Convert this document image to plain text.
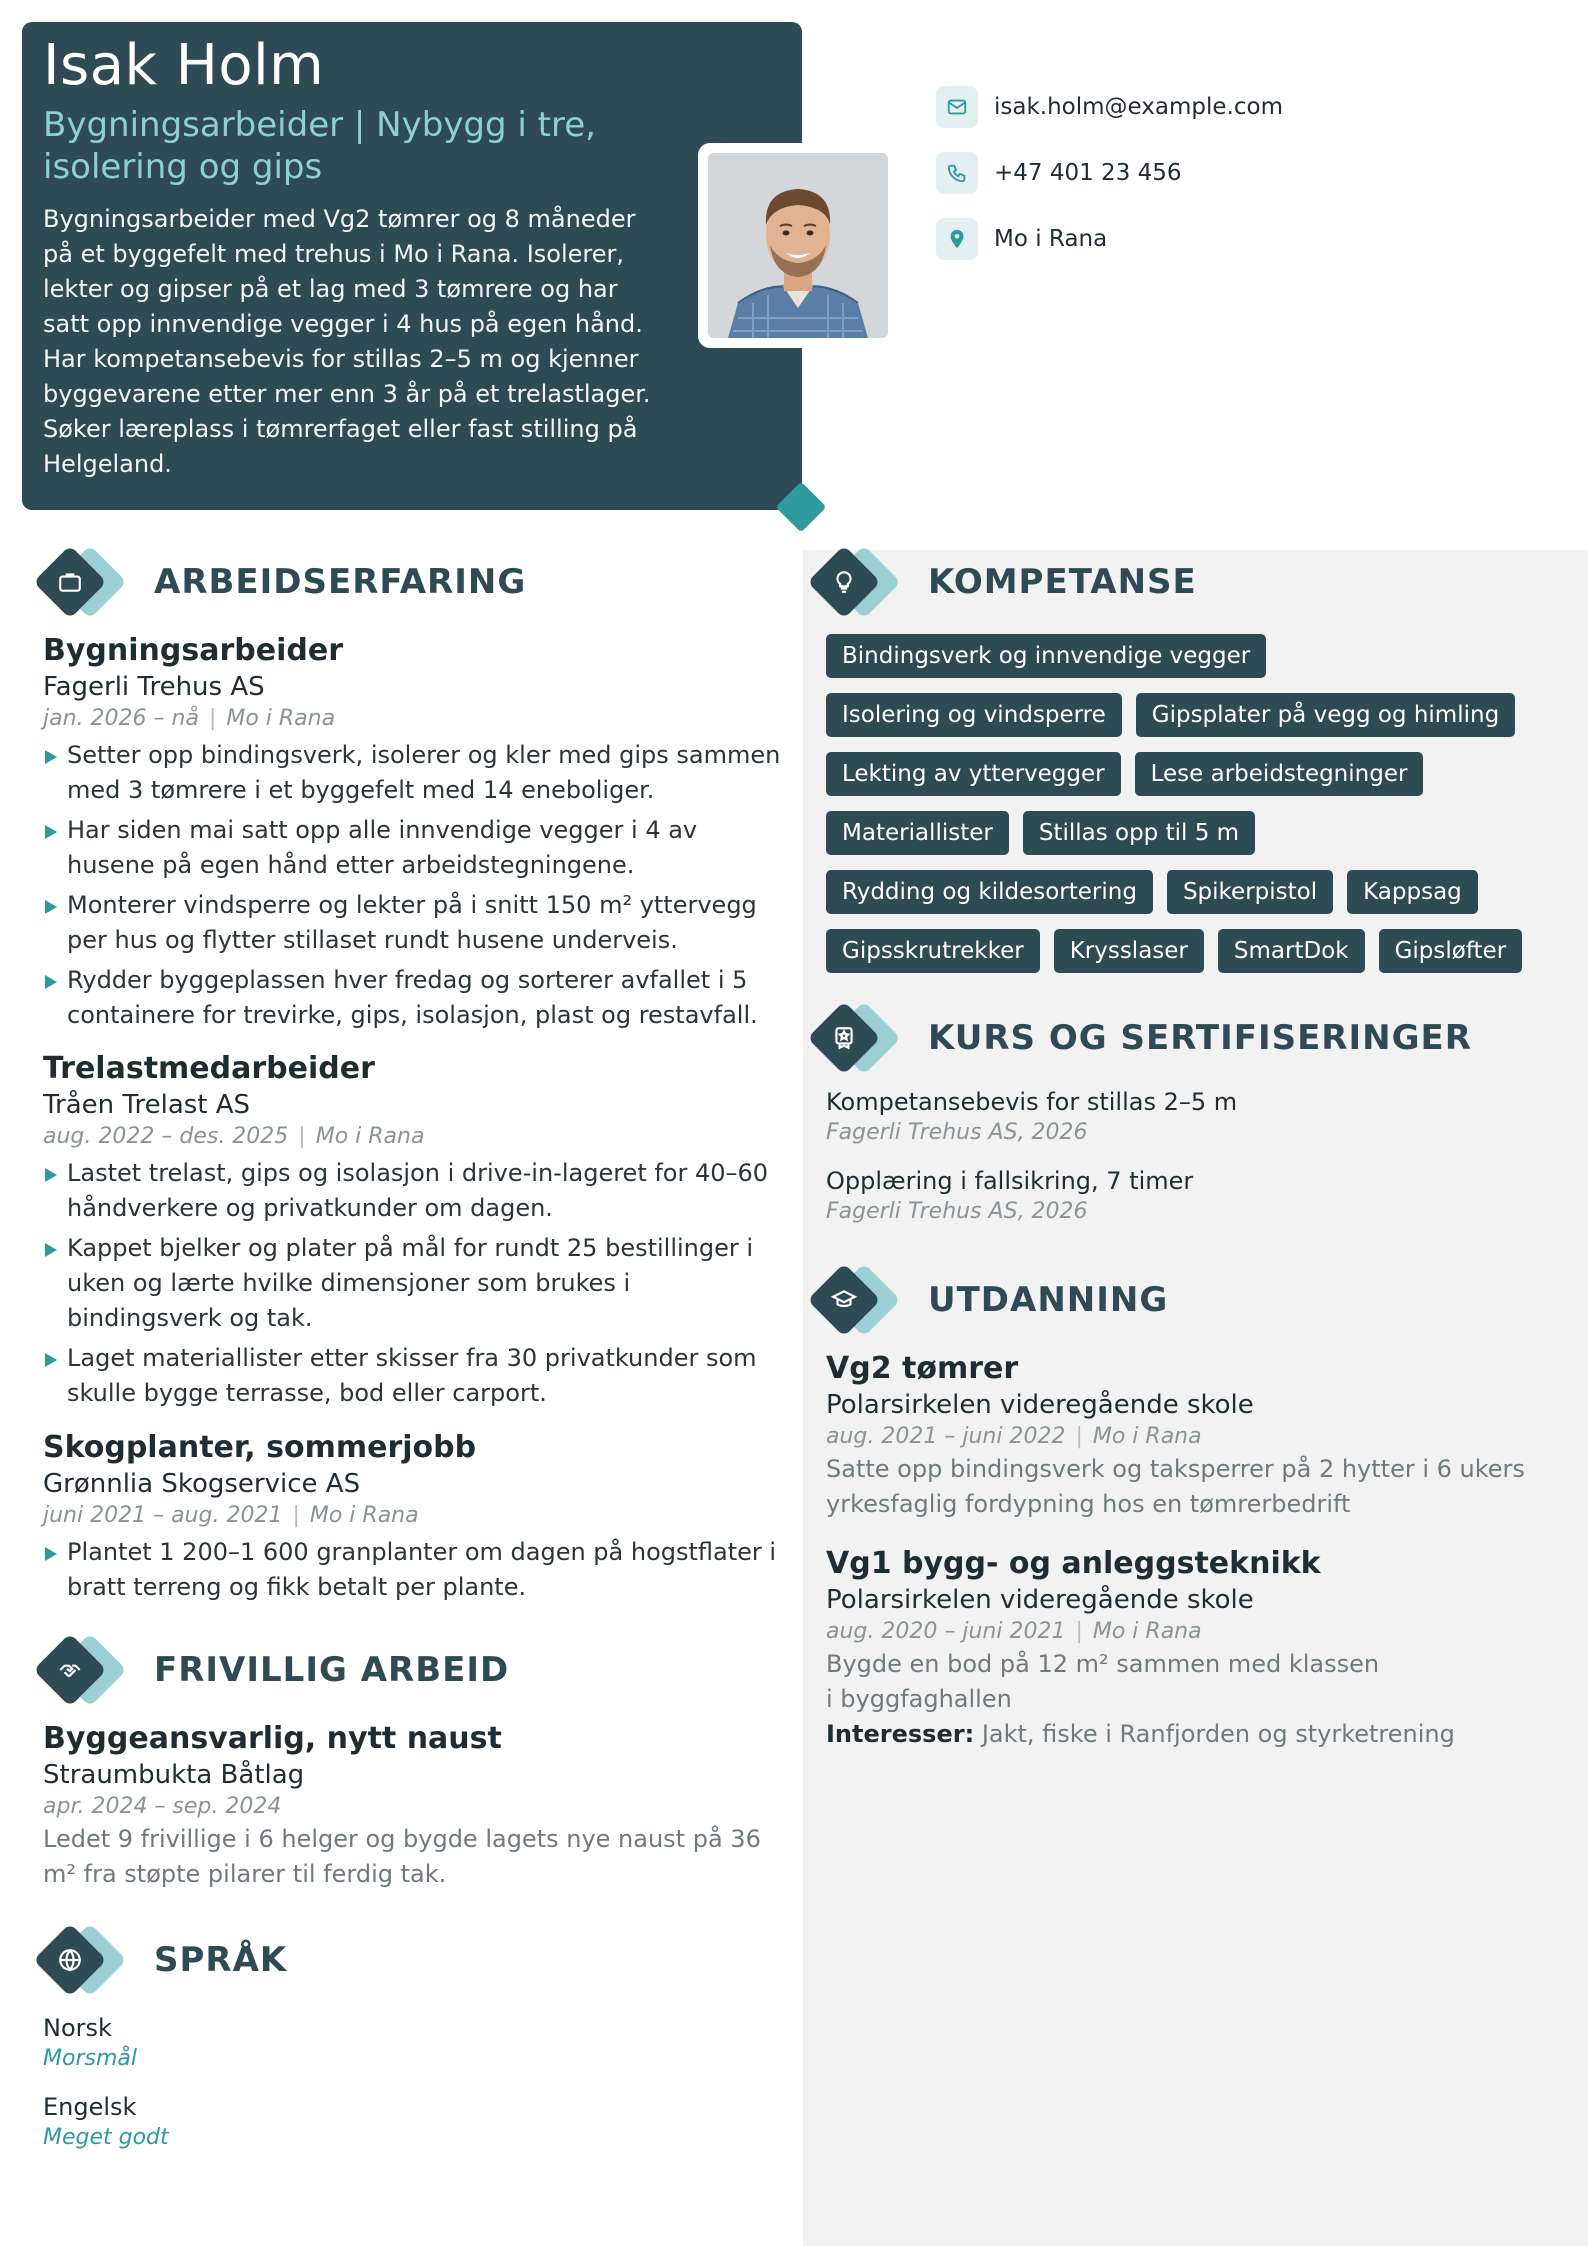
Isak Holm
Bygningsarbeider | Nybygg i tre, isolering og gips
Bygningsarbeider med Vg2 tømrer og 8 måneder på et byggefelt med trehus i Mo i Rana. Isolerer, lekter og gipser på et lag med 3 tømrere og har satt opp innvendige vegger i 4 hus på egen hånd. Har kompetansebevis for stillas 2–5 m og kjenner byggevarene etter mer enn 3 år på et trelastlager. Søker læreplass i tømrerfaget eller fast stilling på Helgeland.
isak.holm@example.com
+47 401 23 456
Mo i Rana
ARBEIDSERFARING
Bygningsarbeider
Fagerli Trehus AS
jan. 2026 – nå | Mo i Rana
Setter opp bindingsverk, isolerer og kler med gips sammen med 3 tømrere i et byggefelt med 14 eneboliger.
Har siden mai satt opp alle innvendige vegger i 4 av husene på egen hånd etter arbeidstegningene.
Monterer vindsperre og lekter på i snitt 150 m² yttervegg per hus og flytter stillaset rundt husene underveis.
Rydder byggeplassen hver fredag og sorterer avfallet i 5 containere for trevirke, gips, isolasjon, plast og restavfall.
Trelastmedarbeider
Tråen Trelast AS
aug. 2022 – des. 2025 | Mo i Rana
Lastet trelast, gips og isolasjon i drive-in-lageret for 40–60 håndverkere og privatkunder om dagen.
Kappet bjelker og plater på mål for rundt 25 bestillinger i uken og lærte hvilke dimensjoner som brukes i bindingsverk og tak.
Laget materiallister etter skisser fra 30 privatkunder som skulle bygge terrasse, bod eller carport.
Skogplanter, sommerjobb
Grønnlia Skogservice AS
juni 2021 – aug. 2021 | Mo i Rana
Plantet 1 200–1 600 granplanter om dagen på hogstflater i bratt terreng og fikk betalt per plante.
FRIVILLIG ARBEID
Byggeansvarlig, nytt naust
Straumbukta Båtlag
apr. 2024 – sep. 2024
Ledet 9 frivillige i 6 helger og bygde lagets nye naust på 36 m² fra støpte pilarer til ferdig tak.
SPRÅK
Norsk
Morsmål
Engelsk
Meget godt
KOMPETANSE
Bindingsverk og innvendige vegger
Isolering og vindsperre	Gipsplater på vegg og himling
Lekting av yttervegger	Lese arbeidstegninger
Materiallister	Stillas opp til 5 m
Rydding og kildesortering	Spikerpistol	Kappsag
Gipsskrutrekker	Krysslaser	SmartDok	Gipsløfter
KURS OG SERTIFISERINGER
Kompetansebevis for stillas 2–5 m
Fagerli Trehus AS, 2026
Opplæring i fallsikring, 7 timer
Fagerli Trehus AS, 2026
UTDANNING
Vg2 tømrer
Polarsirkelen videregående skole
aug. 2021 – juni 2022 | Mo i Rana
Satte opp bindingsverk og taksperrer på 2 hytter i 6 ukers yrkesfaglig fordypning hos en tømrerbedrift
Vg1 bygg- og anleggsteknikk
Polarsirkelen videregående skole
aug. 2020 – juni 2021 | Mo i Rana
Bygde en bod på 12 m² sammen med klassen i byggfaghallen
Interesser: Jakt, fiske i Ranfjorden og styrketrening
